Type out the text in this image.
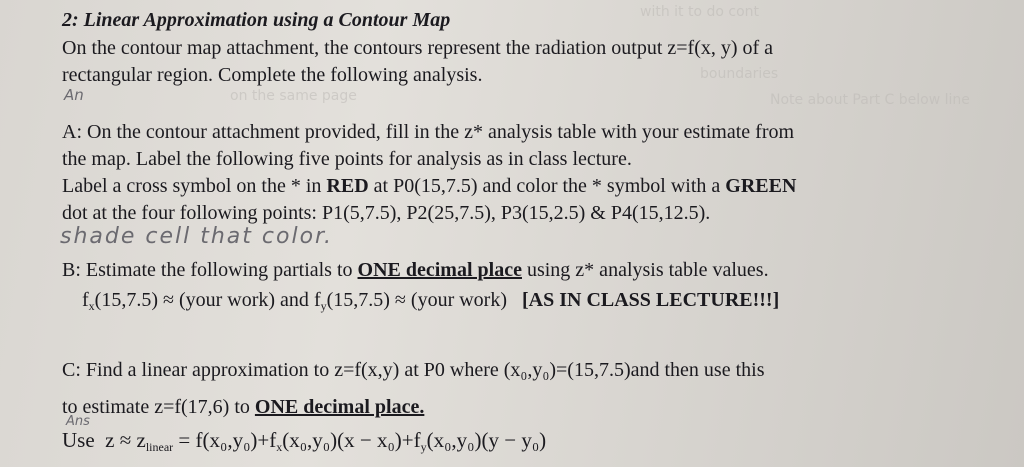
with it to do cont
boundaries
on the same page	Note about Part C below line
2: Linear Approximation using a Contour Map
On the contour map attachment, the contours represent the radiation output z=f(x, y) of a
rectangular region. Complete the following analysis.
An
A: On the contour attachment provided, fill in the z* analysis table with your estimate from
the map. Label the following five points for analysis as in class lecture.
Label a cross symbol on the * in RED at P0(15,7.5) and color the * symbol with a GREEN
dot at the four following points: P1(5,7.5), P2(25,7.5), P3(15,2.5) & P4(15,12.5).
shade cell that color.
B: Estimate the following partials to ONE decimal place using z* analysis table values.
$f_x(15,7.5)$ ≈ (your work) and $f_y(15,7.5)$ ≈ (your work) [AS IN CLASS LECTURE!!!]
C: Find a linear approximation to z=f(x,y) at P0 where (x₀,y₀)=(15,7.5)and then use this
to estimate z=f(17,6) to ONE decimal place.
Ans
Use $z \approx z_{linear} = f(x_0,y_0)+f_x(x_0,y_0)(x - x_0)+f_y(x_0,y_0)(y - y_0)$
